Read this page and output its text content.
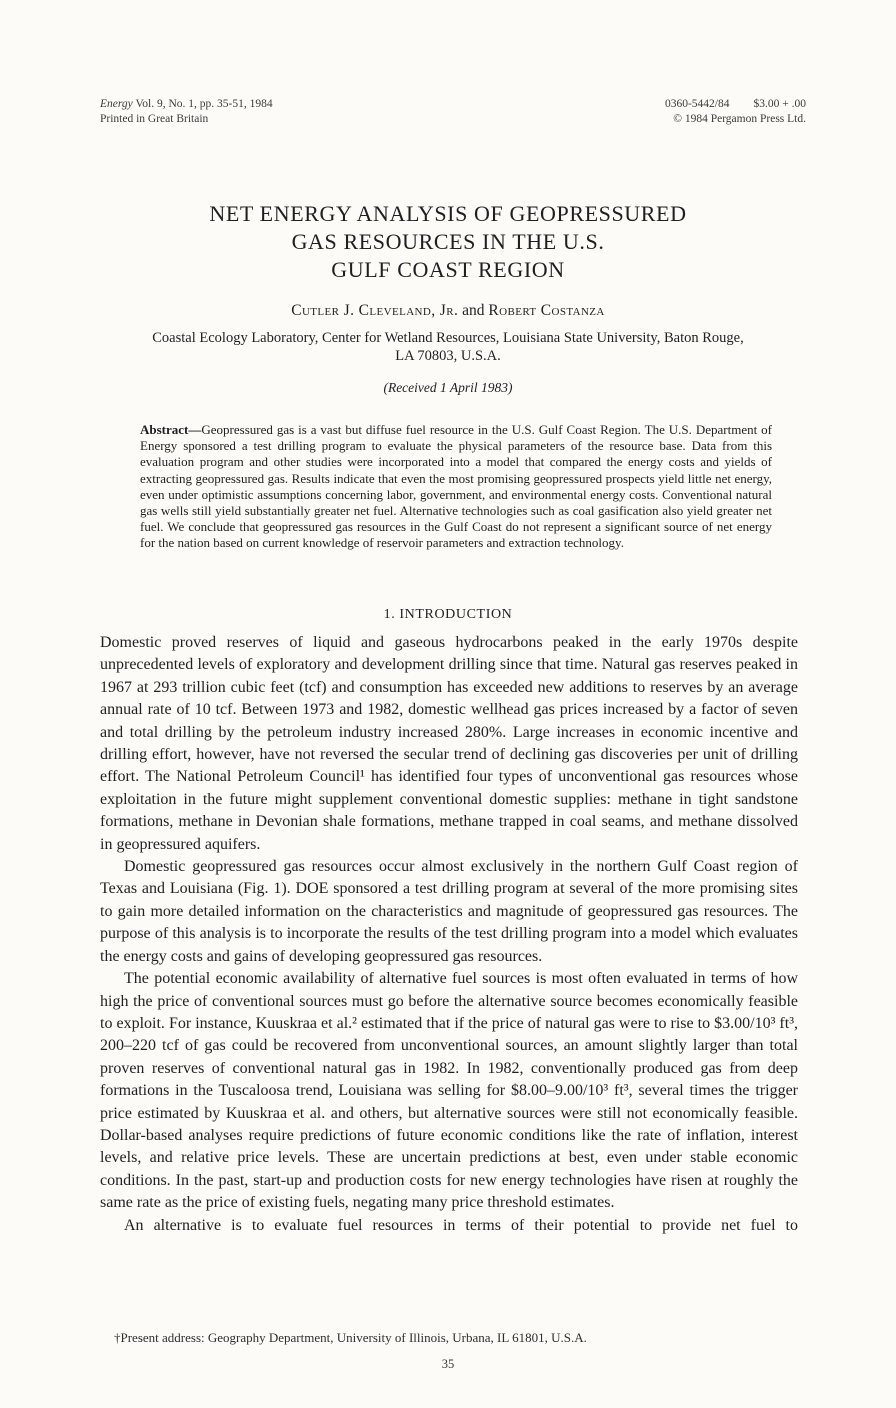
Energy Vol. 9, No. 1, pp. 35-51, 1984
Printed in Great Britain
0360-5442/84 $3.00 + .00
© 1984 Pergamon Press Ltd.
NET ENERGY ANALYSIS OF GEOPRESSURED
GAS RESOURCES IN THE U.S.
GULF COAST REGION
Cutler J. Cleveland, Jr. and Robert Costanza
Coastal Ecology Laboratory, Center for Wetland Resources, Louisiana State University, Baton Rouge,
LA 70803, U.S.A.
(Received 1 April 1983)

Abstract—Geopressured gas is a vast but diffuse fuel resource in the U.S. Gulf Coast Region. The U.S. Department of Energy sponsored a test drilling program to evaluate the physical parameters of the resource base. Data from this evaluation program and other studies were incorporated into a model that compared the energy costs and yields of extracting geopressured gas. Results indicate that even the most promising geopressured prospects yield little net energy, even under optimistic assumptions concerning labor, government, and environmental energy costs. Conventional natural gas wells still yield substantially greater net fuel. Alternative technologies such as coal gasification also yield greater net fuel. We conclude that geopressured gas resources in the Gulf Coast do not represent a significant source of net energy for the nation based on current knowledge of reservoir parameters and extraction technology.

1. INTRODUCTION

Domestic proved reserves of liquid and gaseous hydrocarbons peaked in the early 1970s despite unprecedented levels of exploratory and development drilling since that time. Natural gas reserves peaked in 1967 at 293 trillion cubic feet (tcf) and consumption has exceeded new additions to reserves by an average annual rate of 10 tcf. Between 1973 and 1982, domestic wellhead gas prices increased by a factor of seven and total drilling by the petroleum industry increased 280%. Large increases in economic incentive and drilling effort, however, have not reversed the secular trend of declining gas discoveries per unit of drilling effort. The National Petroleum Council¹ has identified four types of unconventional gas resources whose exploitation in the future might supplement conventional domestic supplies: methane in tight sandstone formations, methane in Devonian shale formations, methane trapped in coal seams, and methane dissolved in geopressured aquifers.

Domestic geopressured gas resources occur almost exclusively in the northern Gulf Coast region of Texas and Louisiana (Fig. 1). DOE sponsored a test drilling program at several of the more promising sites to gain more detailed information on the characteristics and magnitude of geopressured gas resources. The purpose of this analysis is to incorporate the results of the test drilling program into a model which evaluates the energy costs and gains of developing geopressured gas resources.

The potential economic availability of alternative fuel sources is most often evaluated in terms of how high the price of conventional sources must go before the alternative source becomes economically feasible to exploit. For instance, Kuuskraa et al.² estimated that if the price of natural gas were to rise to $3.00/10³ ft³, 200–220 tcf of gas could be recovered from unconventional sources, an amount slightly larger than total proven reserves of conventional natural gas in 1982. In 1982, conventionally produced gas from deep formations in the Tuscaloosa trend, Louisiana was selling for $8.00–9.00/10³ ft³, several times the trigger price estimated by Kuuskraa et al. and others, but alternative sources were still not economically feasible. Dollar-based analyses require predictions of future economic conditions like the rate of inflation, interest levels, and relative price levels. These are uncertain predictions at best, even under stable economic conditions. In the past, start-up and production costs for new energy technologies have risen at roughly the same rate as the price of existing fuels, negating many price threshold estimates.

An alternative is to evaluate fuel resources in terms of their potential to provide net fuel to

†Present address: Geography Department, University of Illinois, Urbana, IL 61801, U.S.A.
35
